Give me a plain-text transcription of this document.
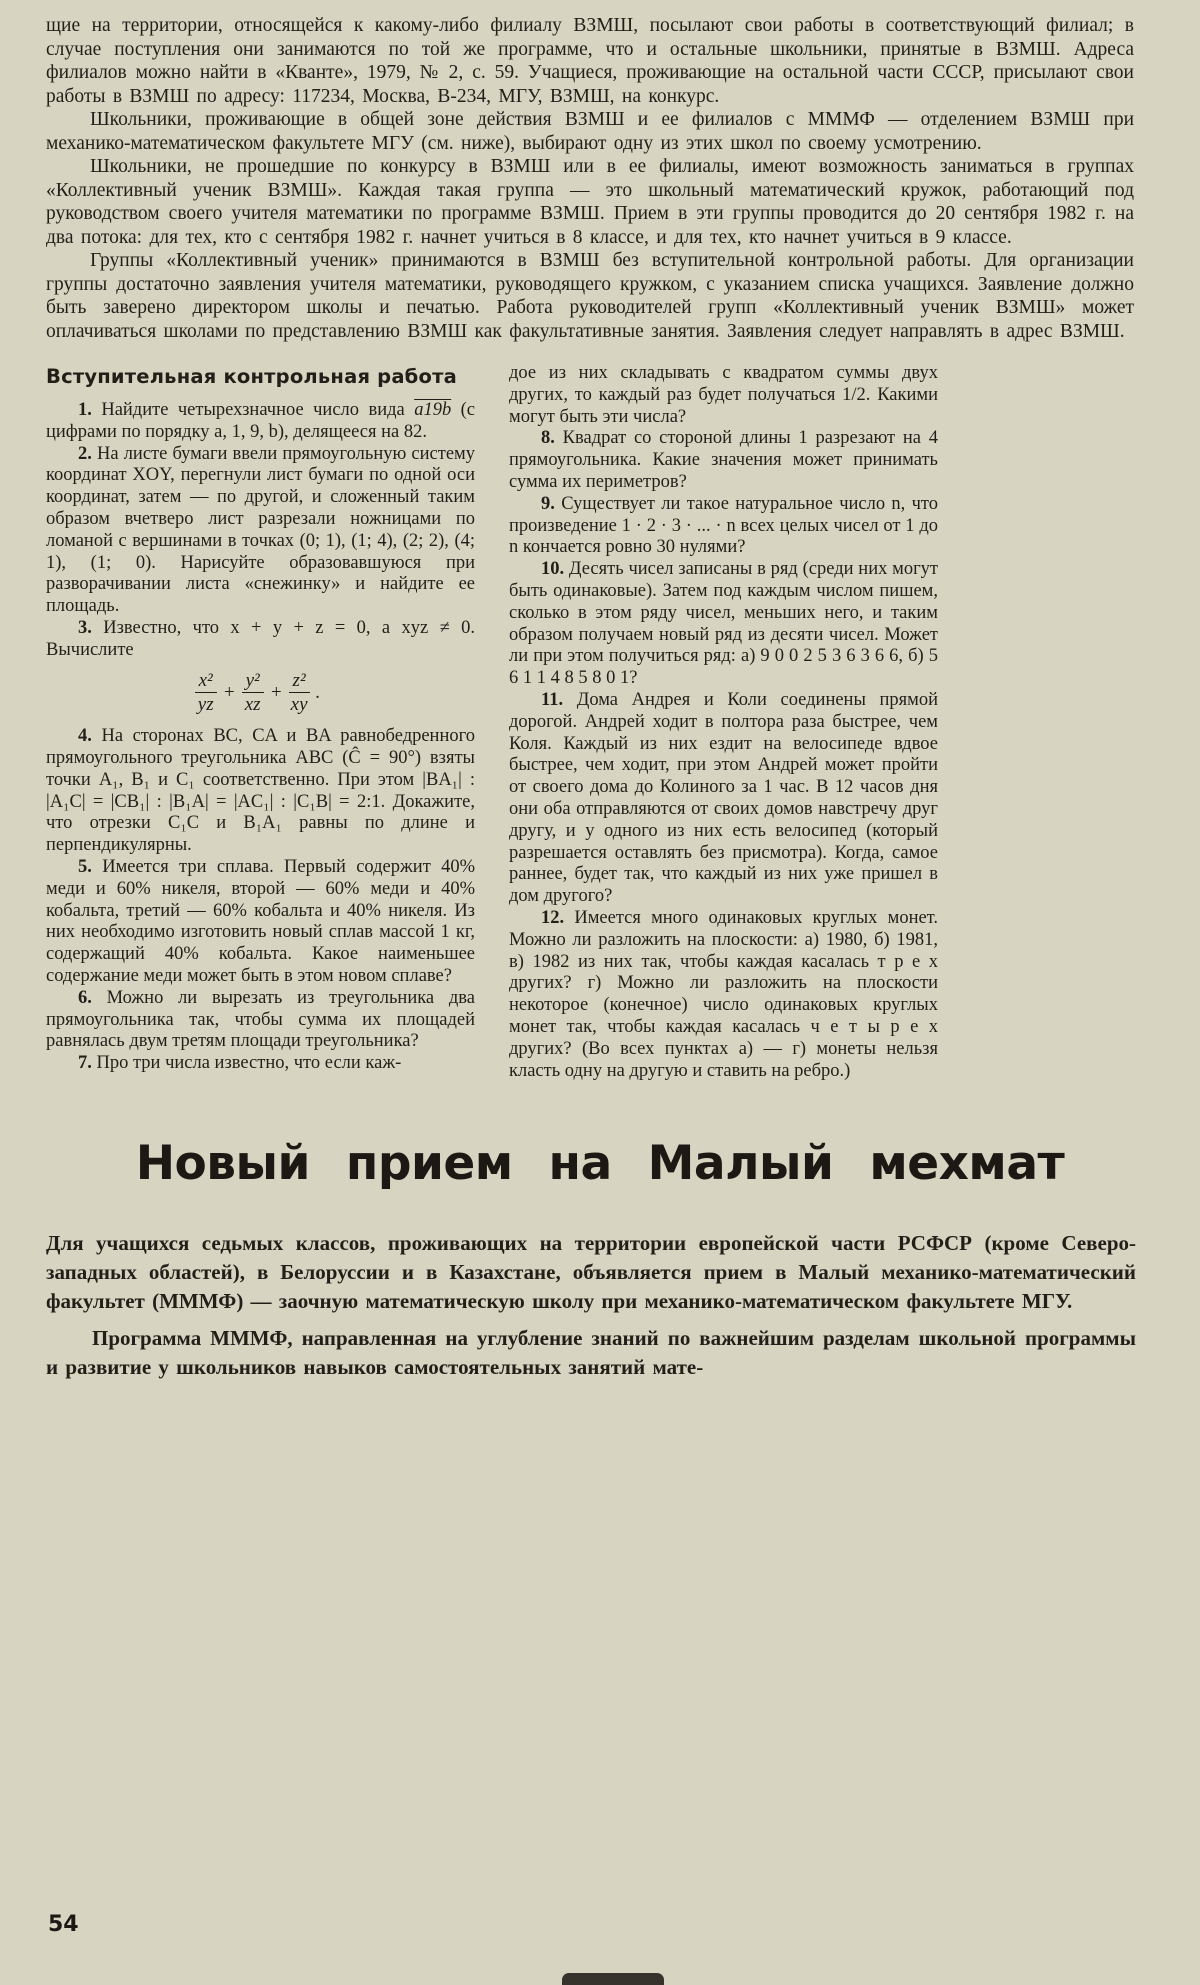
щие на территории, относящейся к какому-либо филиалу ВЗМШ, посылают свои работы в соответствующий филиал; в случае поступления они занимаются по той же программе, что и остальные школьники, принятые в ВЗМШ. Адреса филиалов можно найти в «Кванте», 1979, № 2, с. 59. Учащиеся, проживающие на остальной части СССР, присылают свои работы в ВЗМШ по адресу: 117234, Москва, В-234, МГУ, ВЗМШ, на конкурс.

Школьники, проживающие в общей зоне действия ВЗМШ и ее филиалов с МММФ — отделением ВЗМШ при механико-математическом факультете МГУ (см. ниже), выбирают одну из этих школ по своему усмотрению.

Школьники, не прошедшие по конкурсу в ВЗМШ или в ее филиалы, имеют возможность заниматься в группах «Коллективный ученик ВЗМШ». Каждая такая группа — это школьный математический кружок, работающий под руководством своего учителя математики по программе ВЗМШ. Прием в эти группы проводится до 20 сентября 1982 г. на два потока: для тех, кто с сентября 1982 г. начнет учиться в 8 классе, и для тех, кто начнет учиться в 9 классе.

Группы «Коллективный ученик» принимаются в ВЗМШ без вступительной контрольной работы. Для организации группы достаточно заявления учителя математики, руководящего кружком, с указанием списка учащихся. Заявление должно быть заверено директором школы и печатью. Работа руководителей групп «Коллективный ученик ВЗМШ» может оплачиваться школами по представлению ВЗМШ как факультативные занятия. Заявления следует направлять в адрес ВЗМШ.

Вступительная контрольная работа

1. Найдите четырехзначное число вида a19b (с цифрами по порядку a, 1, 9, b), делящееся на 82.

2. На листе бумаги ввели прямоугольную систему координат XOY, перегнули лист бумаги по одной оси координат, затем — по другой, и сложенный таким образом вчетверо лист разрезали ножницами по ломаной с вершинами в точках (0; 1), (1; 4), (2; 2), (4; 1), (1; 0). Нарисуйте образовавшуюся при разворачивании листа «снежинку» и найдите ее площадь.

3. Известно, что x + y + z = 0, а xyz ≠ 0. Вычислите

$\frac{\text{x²}}{yz} + \frac{\text{y²}}{xz} + \frac{\text{z²}}{xy}$ .

4. На сторонах BC, CA и BA равнобедренного прямоугольного треугольника ABC (Ĉ = 90°) взяты точки A₁, B₁ и C₁ соответственно. При этом |BA₁| : |A₁C| = |CB₁| : |B₁A| = |AC₁| : |C₁B| = 2:1. Докажите, что отрезки C₁C и B₁A₁ равны по длине и перпендикулярны.

5. Имеется три сплава. Первый содержит 40% меди и 60% никеля, второй — 60% меди и 40% кобальта, третий — 60% кобальта и 40% никеля. Из них необходимо изготовить новый сплав массой 1 кг, содержащий 40% кобальта. Какое наименьшее содержание меди может быть в этом новом сплаве?

6. Можно ли вырезать из треугольника два прямоугольника так, чтобы сумма их площадей равнялась двум третям площади треугольника?

7. Про три числа известно, что если каж-

дое из них складывать с квадратом суммы двух других, то каждый раз будет получаться 1/2. Какими могут быть эти числа?

8. Квадрат со стороной длины 1 разрезают на 4 прямоугольника. Какие значения может принимать сумма их периметров?

9. Существует ли такое натуральное число n, что произведение 1 · 2 · 3 · ... · n всех целых чисел от 1 до n кончается ровно 30 нулями?

10. Десять чисел записаны в ряд (среди них могут быть одинаковые). Затем под каждым числом пишем, сколько в этом ряду чисел, меньших него, и таким образом получаем новый ряд из десяти чисел. Может ли при этом получиться ряд: а) 9 0 0 2 5 3 6 3 6 6, б) 5 6 1 1 4 8 5 8 0 1?

11. Дома Андрея и Коли соединены прямой дорогой. Андрей ходит в полтора раза быстрее, чем Коля. Каждый из них ездит на велосипеде вдвое быстрее, чем ходит, при этом Андрей может пройти от своего дома до Колиного за 1 час. В 12 часов дня они оба отправляются от своих домов навстречу друг другу, и у одного из них есть велосипед (который разрешается оставлять без присмотра). Когда, самое раннее, будет так, что каждый из них уже пришел в дом другого?

12. Имеется много одинаковых круглых монет. Можно ли разложить на плоскости: а) 1980, б) 1981, в) 1982 из них так, чтобы каждая касалась т р е х других? г) Можно ли разложить на плоскости некоторое (конечное) число одинаковых круглых монет так, чтобы каждая касалась ч е т ы р е х других? (Во всех пунктах а) — г) монеты нельзя класть одну на другую и ставить на ребро.)

Новый прием на Малый мехмат

Для учащихся седьмых классов, проживающих на территории европейской части РСФСР (кроме Северо-западных областей), в Белоруссии и в Казахстане, объявляется прием в Малый механико-математический факультет (МММФ) — заочную математическую школу при механико-математическом факультете МГУ.

Программа МММФ, направленная на углубление знаний по важнейшим разделам школьной программы и развитие у школьников навыков самостоятельных занятий мате-

54
